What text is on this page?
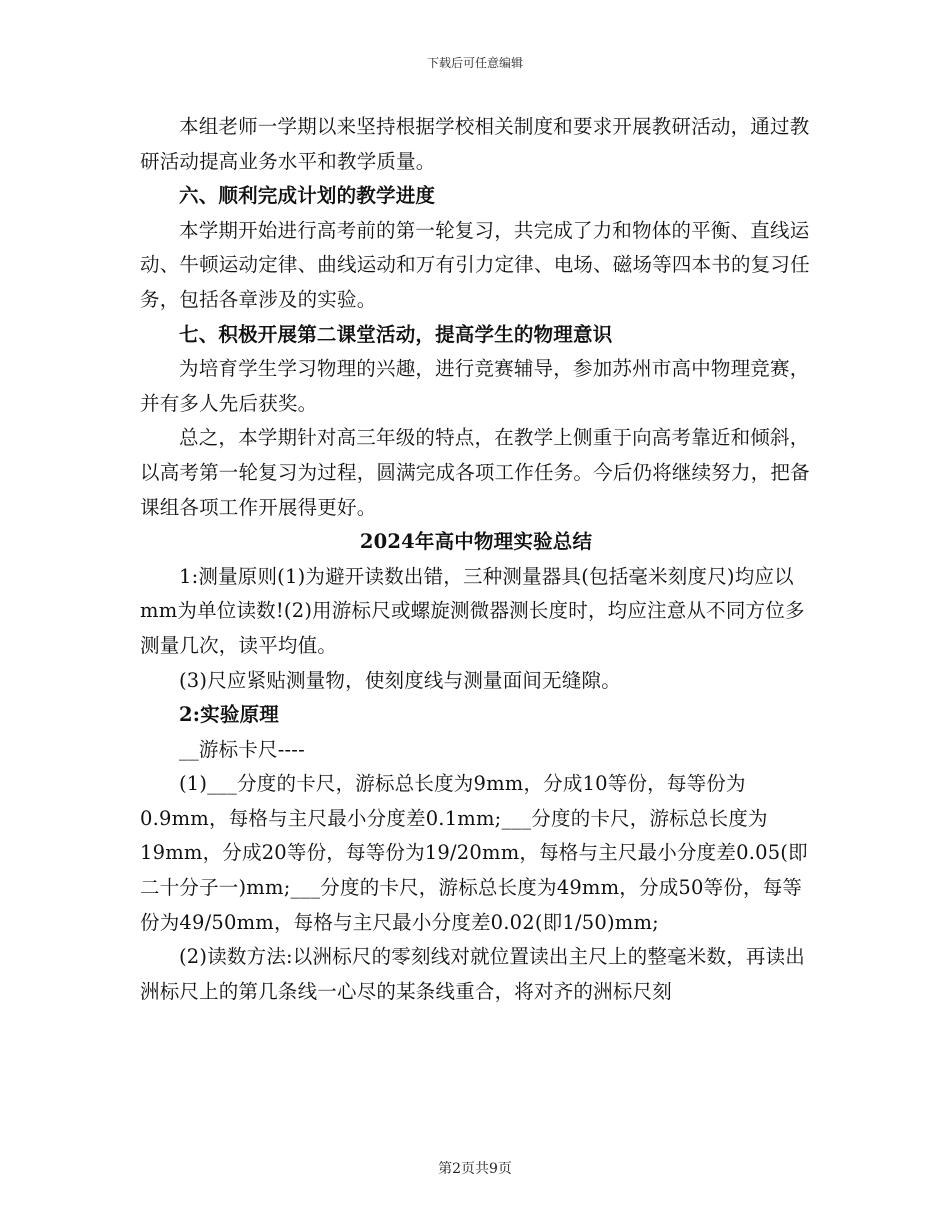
下载后可任意编辑

本组老师一学期以来坚持根据学校相关制度和要求开展教研活动，通过教研活动提高业务水平和教学质量。

六、顺利完成计划的教学进度

本学期开始进行高考前的第一轮复习，共完成了力和物体的平衡、直线运动、牛顿运动定律、曲线运动和万有引力定律、电场、磁场等四本书的复习任务，包括各章涉及的实验。

七、积极开展第二课堂活动，提高学生的物理意识

为培育学生学习物理的兴趣，进行竞赛辅导，参加苏州市高中物理竞赛，并有多人先后获奖。

总之，本学期针对高三年级的特点，在教学上侧重于向高考靠近和倾斜，以高考第一轮复习为过程，圆满完成各项工作任务。今后仍将继续努力，把备课组各项工作开展得更好。

2024年高中物理实验总结

1:测量原则(1)为避开读数出错，三种测量器具(包括毫米刻度尺)均应以mm为单位读数!(2)用游标尺或螺旋测微器测长度时，均应注意从不同方位多测量几次，读平均值。

(3)尺应紧贴测量物，使刻度线与测量面间无缝隙。

2:实验原理

__游标卡尺----

(1)___分度的卡尺，游标总长度为9mm，分成10等份，每等份为0.9mm，每格与主尺最小分度差0.1mm;___分度的卡尺，游标总长度为19mm，分成20等份，每等份为19/20mm，每格与主尺最小分度差0.05(即二十分子一)mm;___分度的卡尺，游标总长度为49mm，分成50等份，每等份为49/50mm，每格与主尺最小分度差0.02(即1/50)mm;

(2)读数方法:以洲标尺的零刻线对就位置读出主尺上的整毫米数，再读出洲标尺上的第几条线一心尽的某条线重合，将对齐的洲标尺刻

第2页共9页
